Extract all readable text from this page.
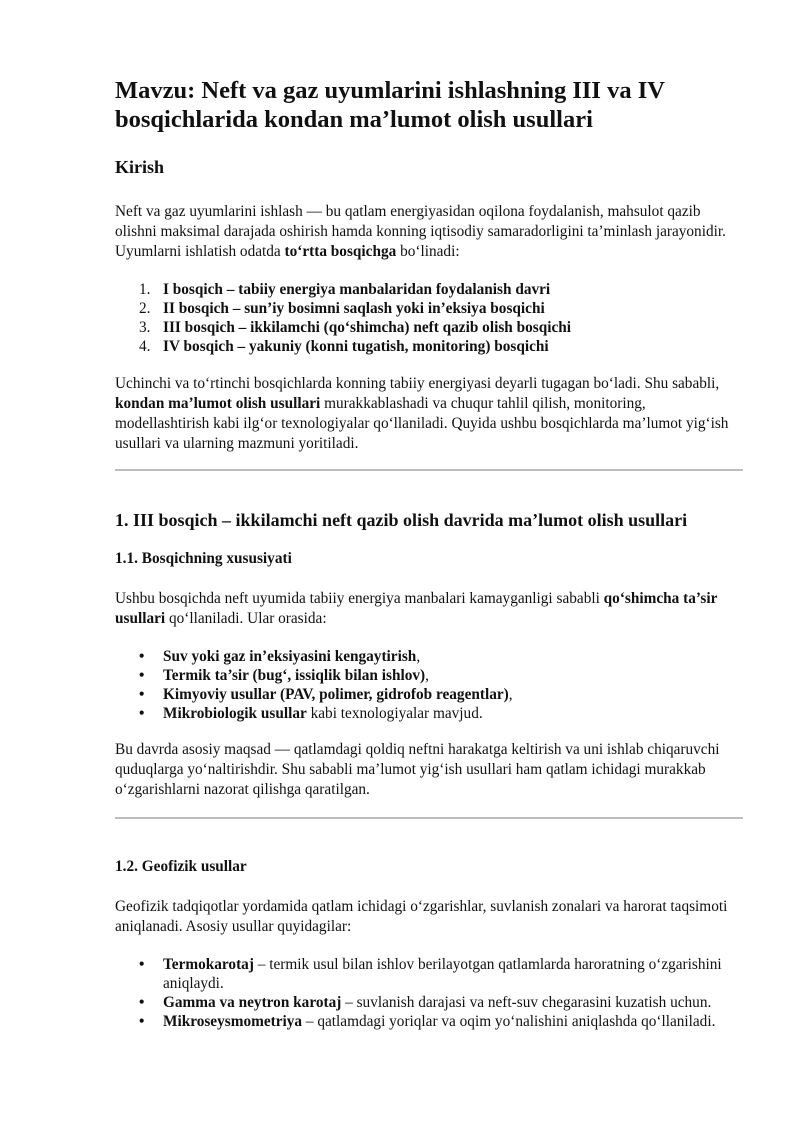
Mavzu: Neft va gaz uyumlarini ishlashning III va IV bosqichlarida kondan ma’lumot olish usullari
Kirish

Neft va gaz uyumlarini ishlash — bu qatlam energiyasidan oqilona foydalanish, mahsulot qazib olishni maksimal darajada oshirish hamda konning iqtisodiy samaradorligini ta’minlash jarayonidir. Uyumlarni ishlatish odatda to‘rtta bosqichga bo‘linadi:

1. I bosqich – tabiiy energiya manbalaridan foydalanish davri
2. II bosqich – sun’iy bosimni saqlash yoki in’eksiya bosqichi
3. III bosqich – ikkilamchi (qo‘shimcha) neft qazib olish bosqichi
4. IV bosqich – yakuniy (konni tugatish, monitoring) bosqichi

Uchinchi va to‘rtinchi bosqichlarda konning tabiiy energiyasi deyarli tugagan bo‘ladi. Shu sababli, kondan ma’lumot olish usullari murakkablashadi va chuqur tahlil qilish, monitoring, modellashtirish kabi ilg‘or texnologiyalar qo‘llaniladi. Quyida ushbu bosqichlarda ma’lumot yig‘ish usullari va ularning mazmuni yoritiladi.

1. III bosqich – ikkilamchi neft qazib olish davrida ma’lumot olish usullari
1.1. Bosqichning xususiyati

Ushbu bosqichda neft uyumida tabiiy energiya manbalari kamayganligi sababli qo‘shimcha ta’sir usullari qo‘llaniladi. Ular orasida:

• Suv yoki gaz in’eksiyasini kengaytirish,
• Termik ta’sir (bug‘, issiqlik bilan ishlov),
• Kimyoviy usullar (PAV, polimer, gidrofob reagentlar),
• Mikrobiologik usullar kabi texnologiyalar mavjud.

Bu davrda asosiy maqsad — qatlamdagi qoldiq neftni harakatga keltirish va uni ishlab chiqaruvchi quduqlarga yo‘naltirishdir. Shu sababli ma’lumot yig‘ish usullari ham qatlam ichidagi murakkab o‘zgarishlarni nazorat qilishga qaratilgan.

1.2. Geofizik usullar

Geofizik tadqiqotlar yordamida qatlam ichidagi o‘zgarishlar, suvlanish zonalari va harorat taqsimoti aniqlanadi. Asosiy usullar quyidagilar:

• Termokarotaj – termik usul bilan ishlov berilayotgan qatlamlarda haroratning o‘zgarishini aniqlaydi.
• Gamma va neytron karotaj – suvlanish darajasi va neft-suv chegarasini kuzatish uchun.
• Mikroseysmometriya – qatlamdagi yoriqlar va oqim yo‘nalishini aniqlashda qo‘llaniladi.
